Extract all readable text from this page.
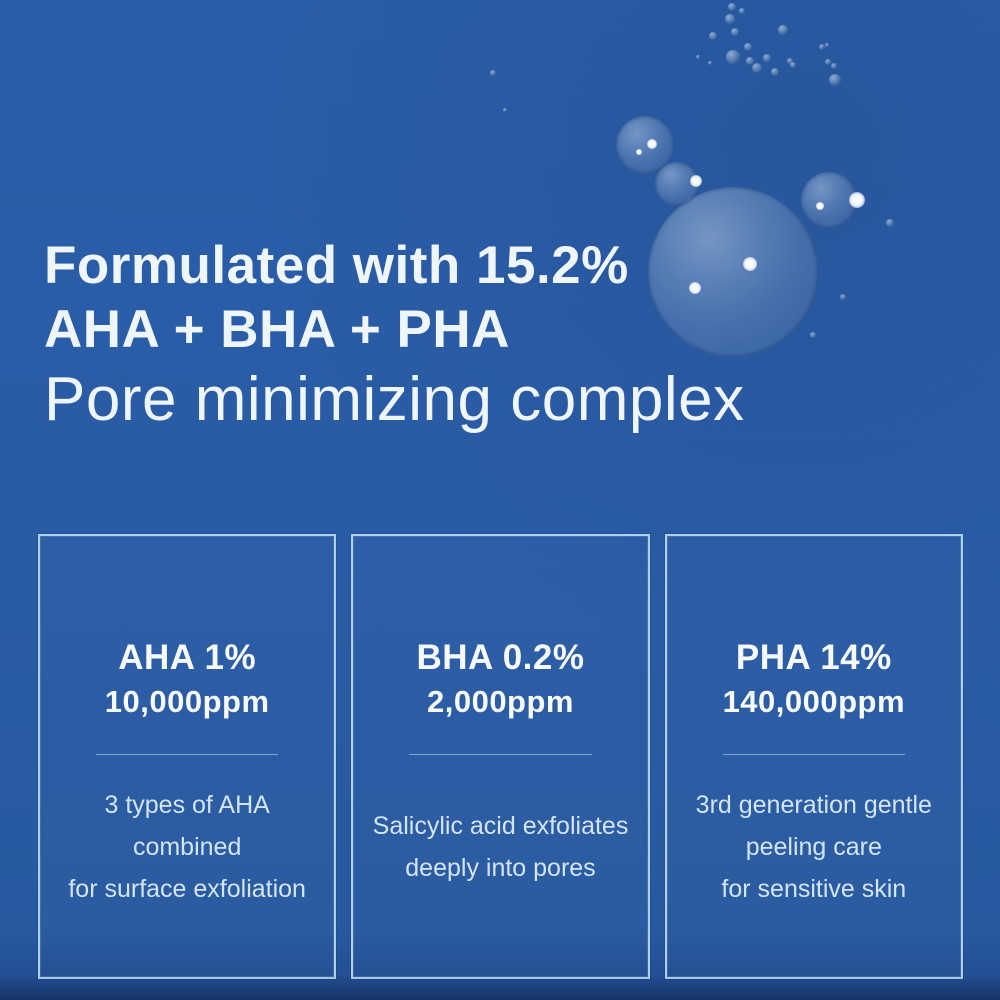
Formulated with 15.2%
AHA + BHA + PHA
Pore minimizing complex
AHA 1%
10,000ppm
3 types of AHA
combined
for surface exfoliation
BHA 0.2%
2,000ppm
Salicylic acid exfoliates
deeply into pores
PHA 14%
140,000ppm
3rd generation gentle
peeling care
for sensitive skin
